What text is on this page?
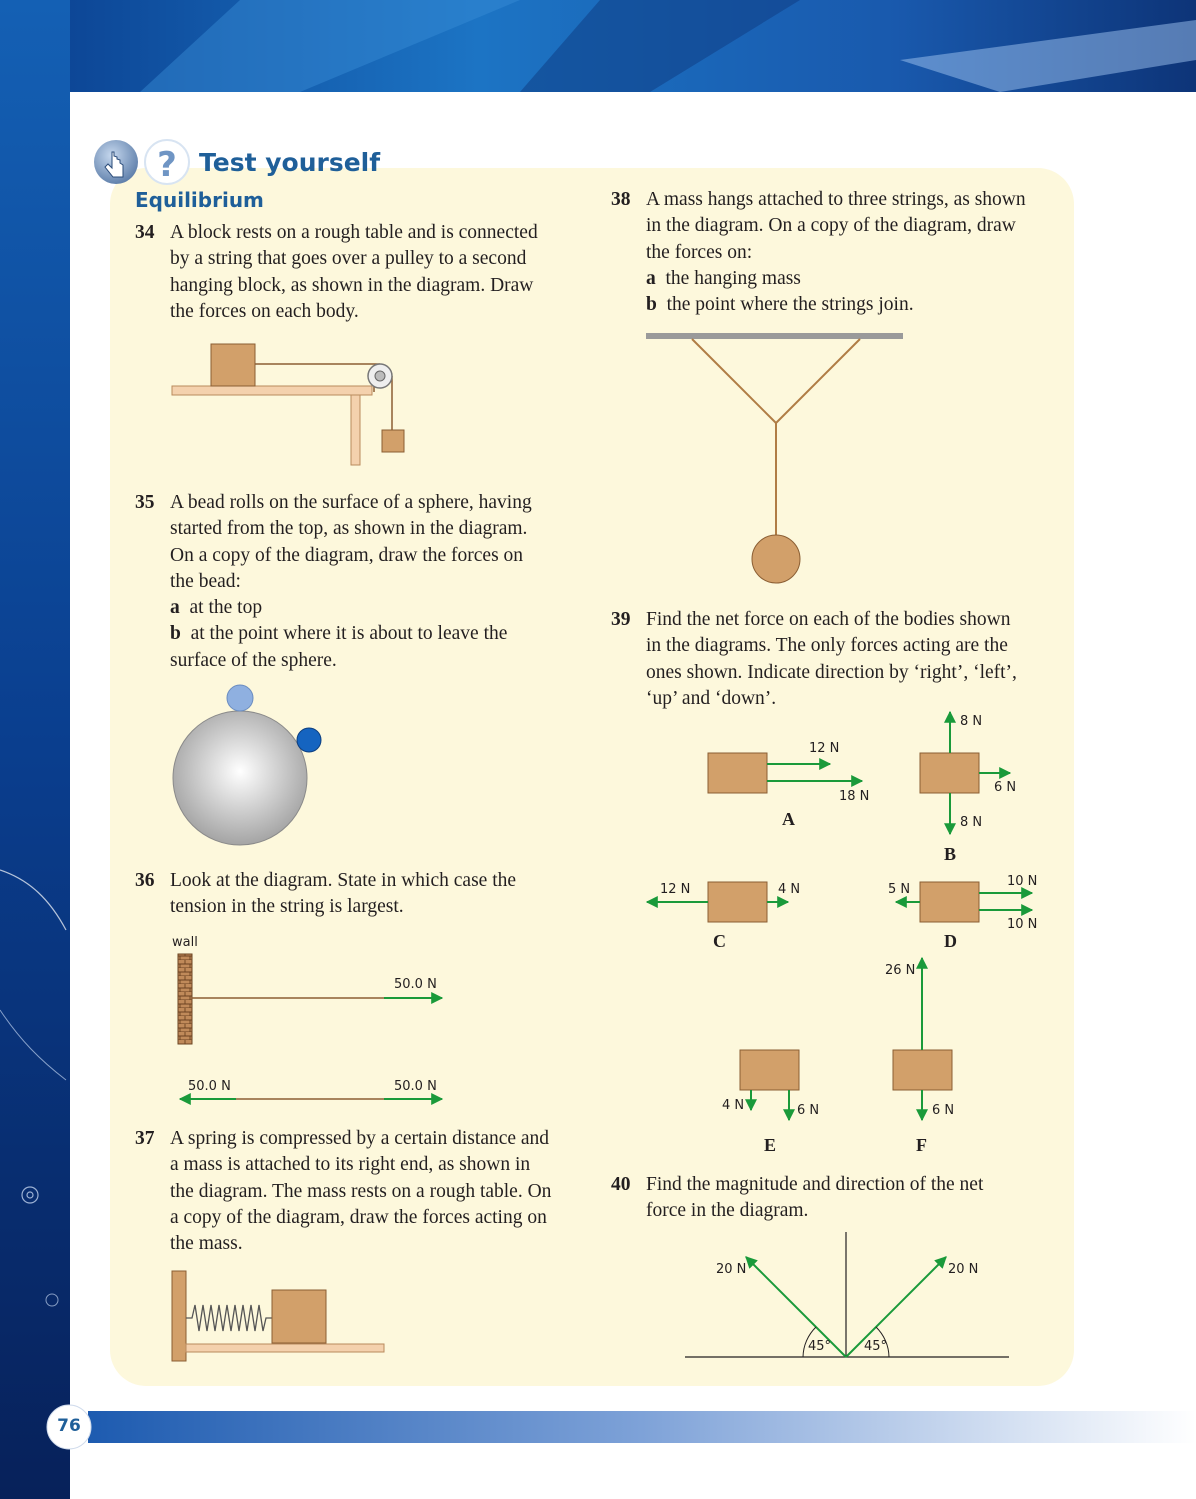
? Test yourself
Equilibrium
76
34 A block rests on a rough table and is connected
by a string that goes over a pulley to a second
hanging block, as shown in the diagram. Draw
the forces on each body.
35 A bead rolls on the surface of a sphere, having
started from the top, as shown in the diagram.
On a copy of the diagram, draw the forces on
the bead:
a at the top
b at the point where it is about to leave the
surface of the sphere.
36 Look at the diagram. State in which case the
tension in the string is largest.
37 A spring is compressed by a certain distance and
a mass is attached to its right end, as shown in
the diagram. The mass rests on a rough table. On
a copy of the diagram, draw the forces acting on
the mass.
38 A mass hangs attached to three strings, as shown
in the diagram. On a copy of the diagram, draw
the forces on:
a the hanging mass
b the point where the strings join.
39 Find the net force on each of the bodies shown
in the diagrams. The only forces acting are the
ones shown. Indicate direction by ‘right’, ‘left’,
‘up’ and ‘down’.
40 Find the magnitude and direction of the net
force in the diagram.
wall
50.0 N
50.0 N	50.0 N
12 N
18 N
A
8 N
6 N
8 N
B
12 N	4 N
C
5 N
10 N
10 N
D
4 N	6 N
E
26 N
6 N
F
20 N	20 N
45°	45°
